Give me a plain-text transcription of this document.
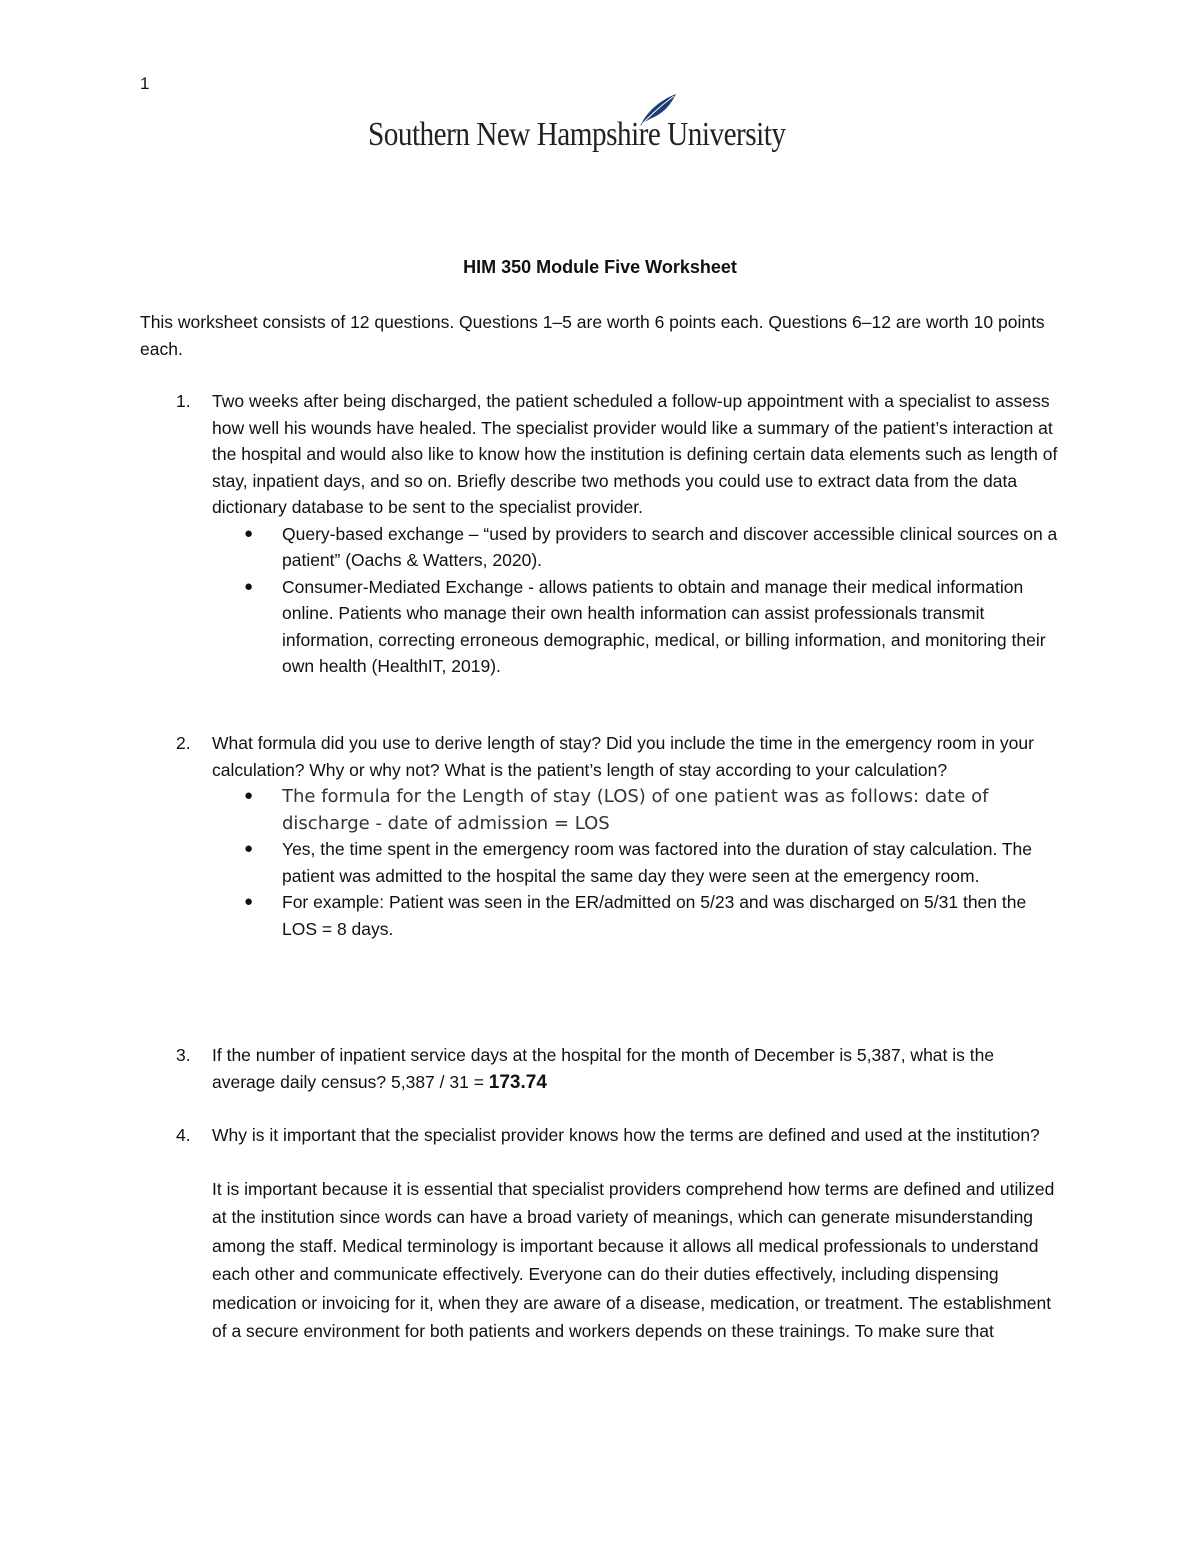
1
Southern New Hampshire University
HIM 350 Module Five Worksheet
This worksheet consists of 12 questions. Questions 1–5 are worth 6 points each. Questions 6–12 are worth 10 points each.
1.	Two weeks after being discharged, the patient scheduled a follow-up appointment with a specialist to assess how well his wounds have healed. The specialist provider would like a summary of the patient’s interaction at the hospital and would also like to know how the institution is defining certain data elements such as length of stay, inpatient days, and so on. Briefly describe two methods you could use to extract data from the data dictionary database to be sent to the specialist provider.
● Query-based exchange – “used by providers to search and discover accessible clinical sources on a patient” (Oachs & Watters, 2020).
● Consumer-Mediated Exchange - allows patients to obtain and manage their medical information online. Patients who manage their own health information can assist professionals transmit information, correcting erroneous demographic, medical, or billing information, and monitoring their own health (HealthIT, 2019).
2.	What formula did you use to derive length of stay? Did you include the time in the emergency room in your calculation? Why or why not? What is the patient’s length of stay according to your calculation?
● The formula for the Length of stay (LOS) of one patient was as follows: date of discharge - date of admission = LOS
● Yes, the time spent in the emergency room was factored into the duration of stay calculation. The patient was admitted to the hospital the same day they were seen at the emergency room.
● For example: Patient was seen in the ER/admitted on 5/23 and was discharged on 5/31 then the LOS = 8 days.
3.	If the number of inpatient service days at the hospital for the month of December is 5,387, what is the average daily census? 5,387 / 31 = 173.74
4.	Why is it important that the specialist provider knows how the terms are defined and used at the institution?
It is important because it is essential that specialist providers comprehend how terms are defined and utilized at the institution since words can have a broad variety of meanings, which can generate misunderstanding among the staff. Medical terminology is important because it allows all medical professionals to understand each other and communicate effectively. Everyone can do their duties effectively, including dispensing medication or invoicing for it, when they are aware of a disease, medication, or treatment. The establishment of a secure environment for both patients and workers depends on these trainings. To make sure that
